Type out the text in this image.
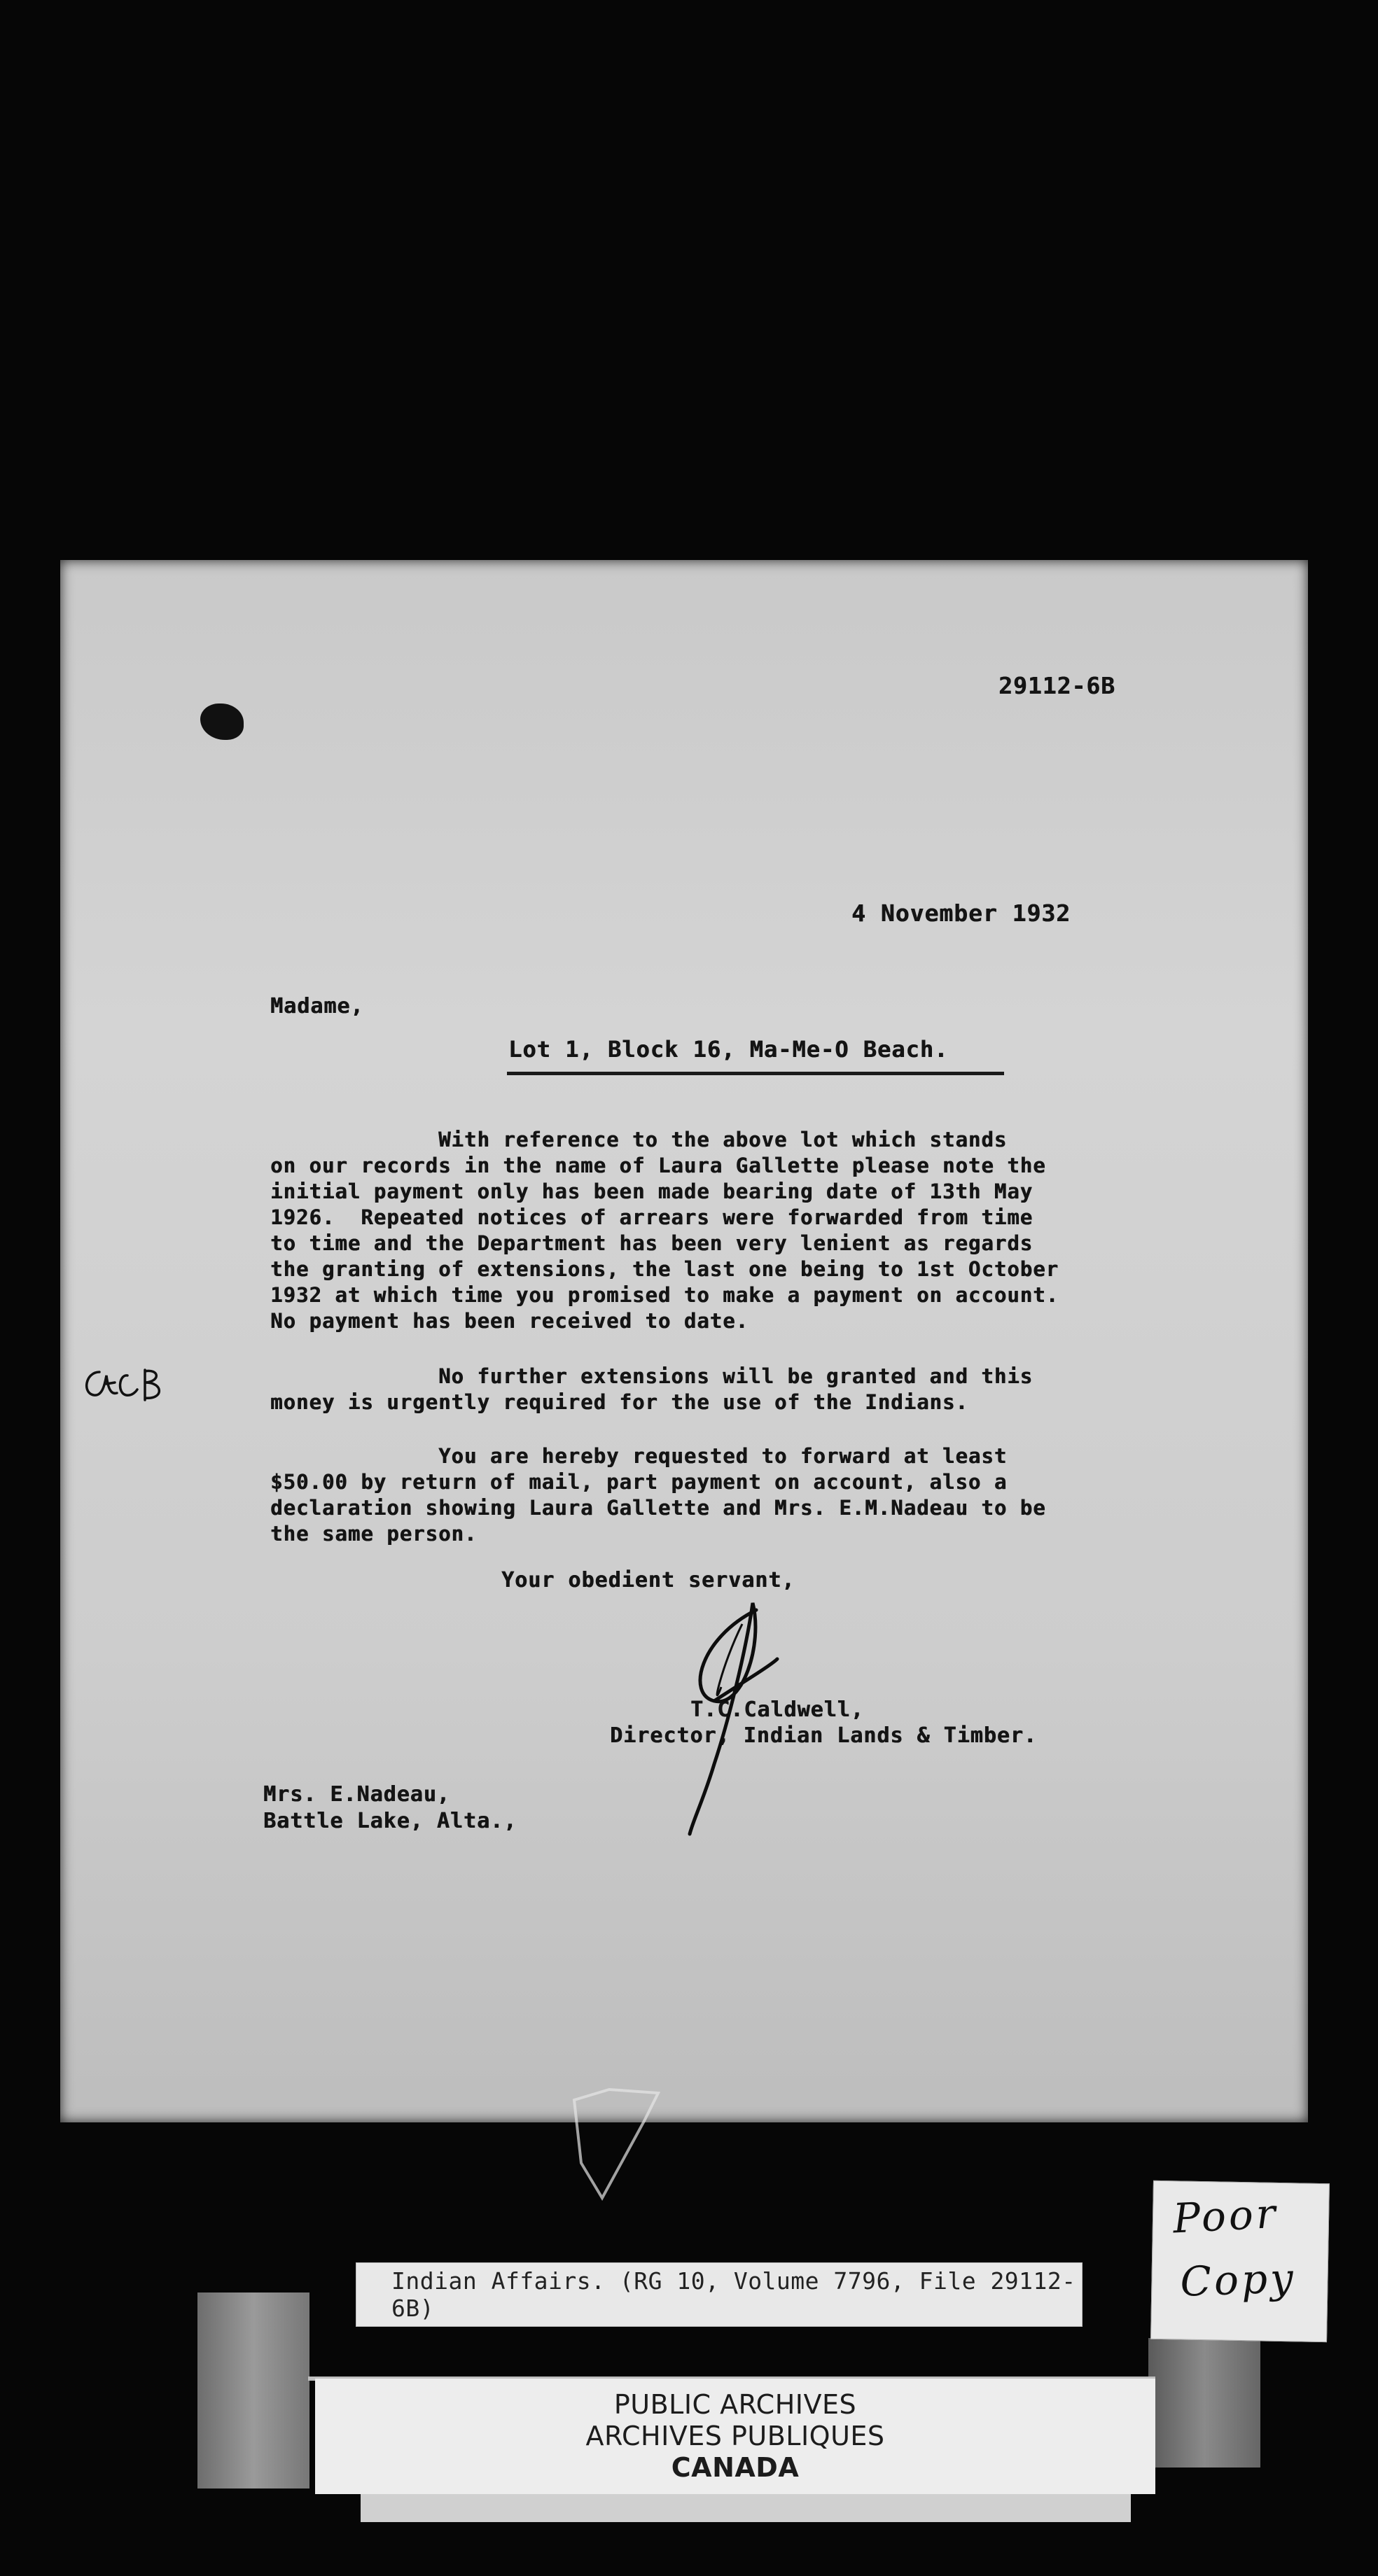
29112-6B
4 November 1932
Madame,
Lot 1, Block 16, Ma-Me-O Beach.
With reference to the above lot which stands
on our records in the name of Laura Gallette please note the
initial payment only has been made bearing date of 13th May
1926.  Repeated notices of arrears were forwarded from time
to time and the Department has been very lenient as regards
the granting of extensions, the last one being to 1st October
1932 at which time you promised to make a payment on account.
No payment has been received to date.
No further extensions will be granted and this
money is urgently required for the use of the Indians.
You are hereby requested to forward at least
$50.00 by return of mail, part payment on account, also a
declaration showing Laura Gallette and Mrs. E.M.Nadeau to be
the same person.
Your obedient servant,
T.C.Caldwell,
Director, Indian Lands & Timber.
Mrs. E.Nadeau,
Battle Lake, Alta.,
Indian Affairs. (RG 10, Volume 7796, File 29112-6B)
Poor
Copy
PUBLIC ARCHIVES
ARCHIVES PUBLIQUES
CANADA
